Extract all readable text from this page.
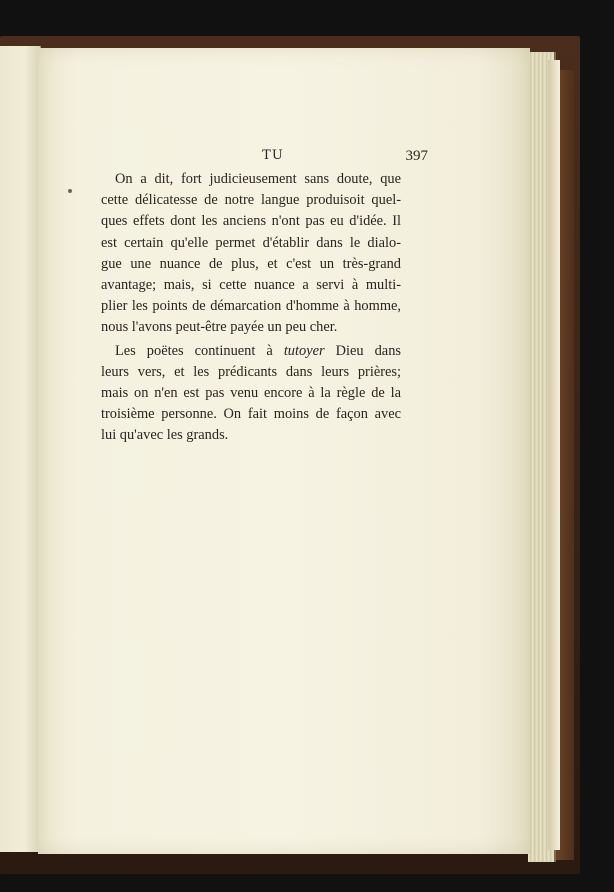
TU	397

On a dit, fort judicieusement sans doute, que
cette délicatesse de notre langue produisoit quel-
ques effets dont les anciens n'ont pas eu d'idée. Il
est certain qu'elle permet d'établir dans le dialo-
gue une nuance de plus, et c'est un très-grand
avantage; mais, si cette nuance a servi à multi-
plier les points de démarcation d'homme à homme,
nous l'avons peut-être payée un peu cher.
Les poëtes continuent à tutoyer Dieu dans
leurs vers, et les prédicants dans leurs prières;
mais on n'en est pas venu encore à la règle de la
troisième personne. On fait moins de façon avec
lui qu'avec les grands.
